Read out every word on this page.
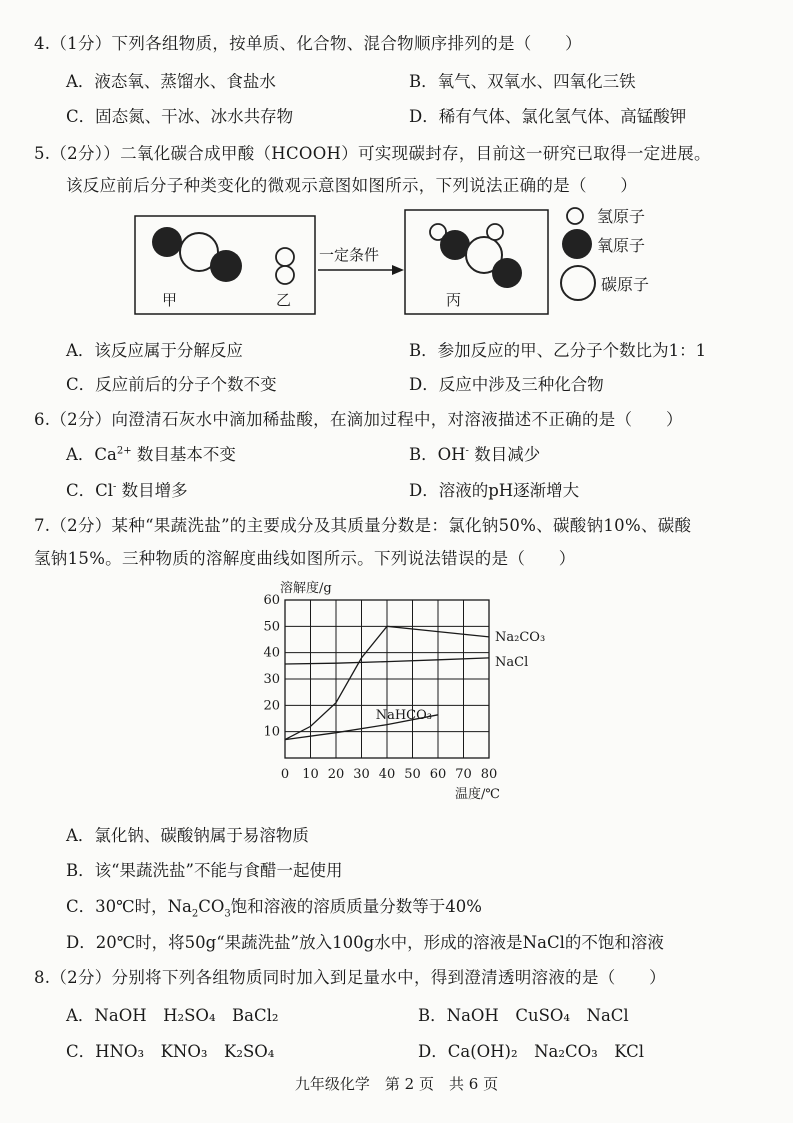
4.（1分）下列各组物质，按单质、化合物、混合物顺序排列的是（　　）
A．液态氧、蒸馏水、食盐水	B．氧气、双氧水、四氧化三铁
C．固态氮、干冰、冰水共存物	D．稀有气体、氯化氢气体、高锰酸钾
5.（2分））二氧化碳合成甲酸（HCOOH）可实现碳封存，目前这一研究已取得一定进展。
该反应前后分子种类变化的微观示意图如图所示，下列说法正确的是（　　）
甲	乙
一定条件
丙
氢原子
氧原子
碳原子
A．该反应属于分解反应	B．参加反应的甲、乙分子个数比为1：1
C．反应前后的分子个数不变	D．反应中涉及三种化合物
6.（2分）向澄清石灰水中滴加稀盐酸，在滴加过程中，对溶液描述不正确的是（　　）
A．$Ca^{2+}$ 数目基本不变	B．OH- 数目减少
C．Cl- 数目增多	D．溶液的pH逐渐增大
7.（2分）某种“果蔬洗盐”的主要成分及其质量分数是：氯化钠50%、碳酸钠10%、碳酸
氢钠15%。三种物质的溶解度曲线如图所示。下列说法错误的是（　　）
0 10 20 30 40 50 60 70 80
10
20
30
40
50
60
Na₂CO₃
NaCl
NaHCO₃
溶解度/g
温度/℃
A．氯化钠、碳酸钠属于易溶物质
B．该“果蔬洗盐”不能与食醋一起使用
C．30℃时，$Na_2CO_3$饱和溶液的溶质质量分数等于40%
D．20℃时，将50g“果蔬洗盐”放入100g水中，形成的溶液是NaCl的不饱和溶液
8.（2分）分别将下列各组物质同时加入到足量水中，得到澄清透明溶液的是（　　）
A．NaOH　H₂SO₄　BaCl₂	B．NaOH　CuSO₄　NaCl
C．HNO₃　KNO₃　K₂SO₄	D．Ca(OH)₂　Na₂CO₃　KCl
九年级化学　第 2 页　共 6 页
